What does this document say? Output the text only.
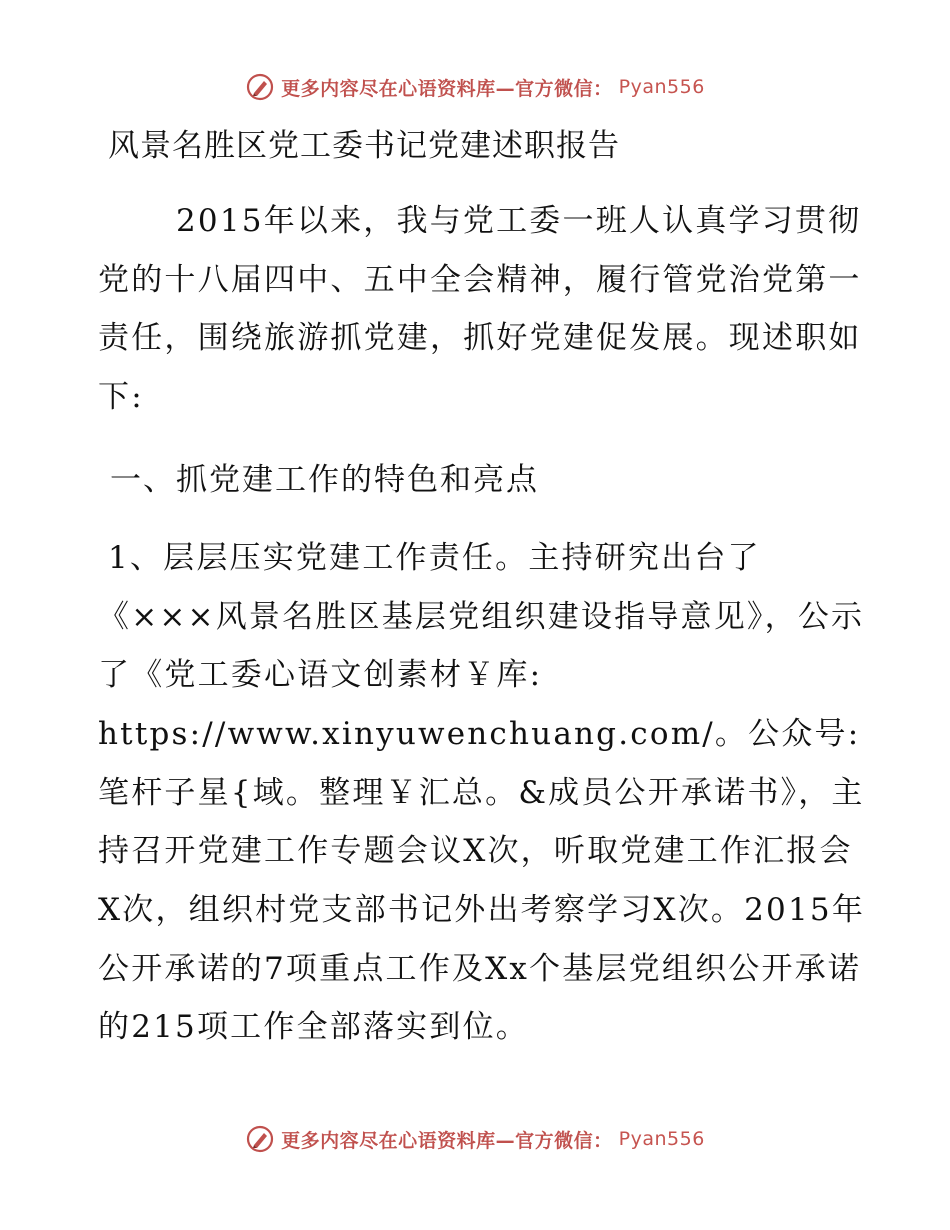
更多内容尽在心语资料库—官方微信： Pyan556
风景名胜区党工委书记党建述职报告

2015年以来，我与党工委一班人认真学习贯彻党的十八届四中、五中全会精神，履行管党治党第一责任，围绕旅游抓党建，抓好党建促发展。现述职如下:

一、抓党建工作的特色和亮点

1、层层压实党建工作责任。主持研究出台了
《×××风景名胜区基层党组织建设指导意见》，公示了《党工委心语文创素材￥库: https://www.xinyuwenchuang.com/。公众号: 笔杆子星{域。整理￥汇总。&成员公开承诺书》，主持召开党建工作专题会议X次，听取党建工作汇报会X次，组织村党支部书记外出考察学习X次。2015年公开承诺的7项重点工作及Xx个基层党组织公开承诺的215项工作全部落实到位。

更多内容尽在心语资料库—官方微信： Pyan556
